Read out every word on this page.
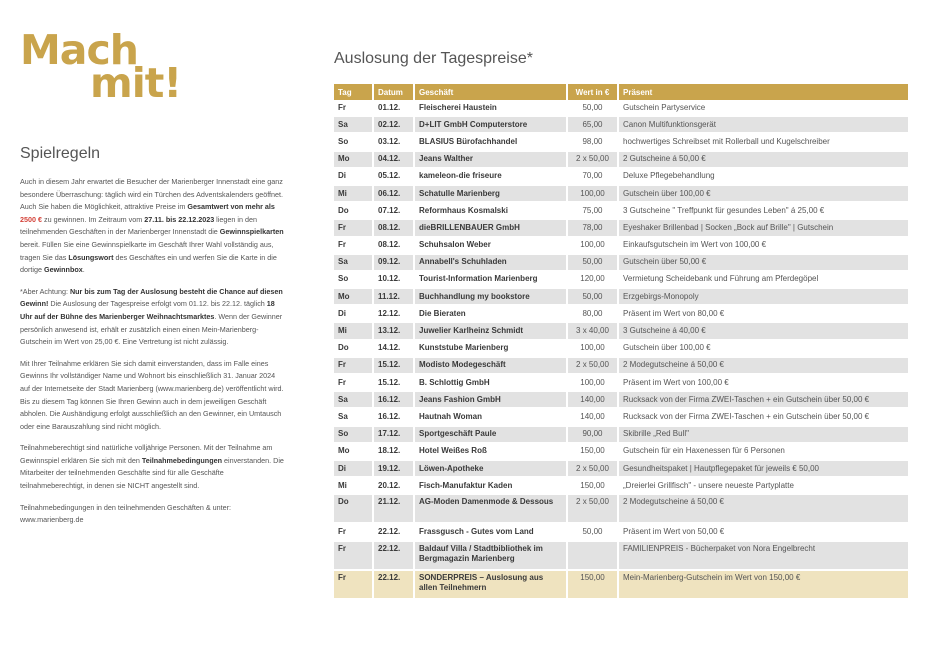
Mach
mit!
Spielregeln

Auch in diesem Jahr erwartet die Besucher der Marienberger Innenstadt eine ganz besondere Überraschung: täglich wird ein Türchen des Adventskalenders geöffnet. Auch Sie haben die Möglichkeit, attraktive Preise im Gesamtwert von mehr als 2500 € zu gewinnen. Im Zeitraum vom 27.11. bis 22.12.2023 liegen in den teilnehmenden Geschäften in der Marienberger Innenstadt die Gewinnspielkarten bereit. Füllen Sie eine Gewinnspielkarte im Geschäft Ihrer Wahl vollständig aus, tragen Sie das Lösungswort des Geschäftes ein und werfen Sie die Karte in die dortige Gewinnbox.

*Aber Achtung: Nur bis zum Tag der Auslosung besteht die Chance auf diesen Gewinn! Die Auslosung der Tagespreise erfolgt vom 01.12. bis 22.12. täglich 18 Uhr auf der Bühne des Marienberger Weihnachtsmarktes. Wenn der Gewinner persönlich anwesend ist, erhält er zusätzlich einen einen Mein-Marienberg-Gutschein im Wert von 25,00 €. Eine Vertretung ist nicht zulässig.

Mit Ihrer Teilnahme erklären Sie sich damit einverstanden, dass im Falle eines Gewinns Ihr vollständiger Name und Wohnort bis einschließlich 31. Januar 2024 auf der Internetseite der Stadt Marienberg (www.marienberg.de) veröffentlicht wird. Bis zu diesem Tag können Sie Ihren Gewinn auch in dem jeweiligen Geschäft abholen. Die Aushändigung erfolgt ausschließlich an den Gewinner, ein Umtausch oder eine Barauszahlung sind nicht möglich.

Teilnahmeberechtigt sind natürliche volljährige Personen. Mit der Teilnahme am Gewinnspiel erklären Sie sich mit den Teilnahmebedingungen einverstanden. Die Mitarbeiter der teilnehmenden Geschäfte sind für alle Geschäfte teilnahmeberechtigt, in denen sie NICHT angestellt sind.

Teilnahmebedingungen in den teilnehmenden Geschäften & unter: www.marienberg.de

Auslosung der Tagespreise*
Tag	Datum	Geschäft	Wert in €	Präsent
Fr	01.12.	Fleischerei Haustein	50,00	Gutschein Partyservice
Sa	02.12.	D+LIT GmbH Computerstore	65,00	Canon Multifunktionsgerät
So	03.12.	BLASIUS Bürofachhandel	98,00	hochwertiges Schreibset mit Rollerball und Kugelschreiber
Mo	04.12.	Jeans Walther	2 x 50,00	2 Gutscheine á 50,00 €
Di	05.12.	kameleon-die friseure	70,00	Deluxe Pflegebehandlung
Mi	06.12.	Schatulle Marienberg	100,00	Gutschein über 100,00 €
Do	07.12.	Reformhaus Kosmalski	75,00	3 Gutscheine " Treffpunkt für gesundes Leben" á 25,00 €
Fr	08.12.	dieBRILLENBAUER GmbH	78,00	Eyeshaker Brillenbad | Socken „Bock auf Brille" | Gutschein
Fr	08.12.	Schuhsalon Weber	100,00	Einkaufsgutschein im Wert von 100,00 €
Sa	09.12.	Annabell's Schuhladen	50,00	Gutschein über 50,00 €
So	10.12.	Tourist-Information Marienberg	120,00	Vermietung Scheidebank und Führung am Pferdegöpel
Mo	11.12.	Buchhandlung my bookstore	50,00	Erzgebirgs-Monopoly
Di	12.12.	Die Bieraten	80,00	Präsent im Wert von 80,00 €
Mi	13.12.	Juwelier Karlheinz Schmidt	3 x 40,00	3 Gutscheine á 40,00 €
Do	14.12.	Kunststube Marienberg	100,00	Gutschein über 100,00 €
Fr	15.12.	Modisto Modegeschäft	2 x 50,00	2 Modegutscheine á 50,00 €
Fr	15.12.	B. Schlottig GmbH	100,00	Präsent im Wert von 100,00 €
Sa	16.12.	Jeans Fashion GmbH	140,00	Rucksack von der Firma ZWEI-Taschen + ein Gutschein über 50,00 €
Sa	16.12.	Hautnah Woman	140,00	Rucksack von der Firma ZWEI-Taschen + ein Gutschein über 50,00 €
So	17.12.	Sportgeschäft Paule	90,00	Skibrille „Red Bull"
Mo	18.12.	Hotel Weißes Roß	150,00	Gutschein für ein Haxenessen für 6 Personen
Di	19.12.	Löwen-Apotheke	2 x 50,00	Gesundheitspaket | Hautpflegepaket für jeweils € 50,00
Mi	20.12.	Fisch-Manufaktur Kaden	150,00	„Dreierlei Grillfisch" - unsere neueste Partyplatte
Do	21.12.	AG-Moden Damenmode & Dessous	2 x 50,00	2 Modegutscheine á 50,00 €
Fr	22.12.	Frassgusch - Gutes vom Land	50,00	Präsent im Wert von 50,00 €
Fr	22.12.	Baldauf Villa / Stadtbibliothek im Bergmagazin Marienberg		FAMILIENPREIS - Bücherpaket von Nora Engelbrecht
Fr	22.12.	SONDERPREIS – Auslosung aus allen Teilnehmern	150,00	Mein-Marienberg-Gutschein im Wert von 150,00 €
